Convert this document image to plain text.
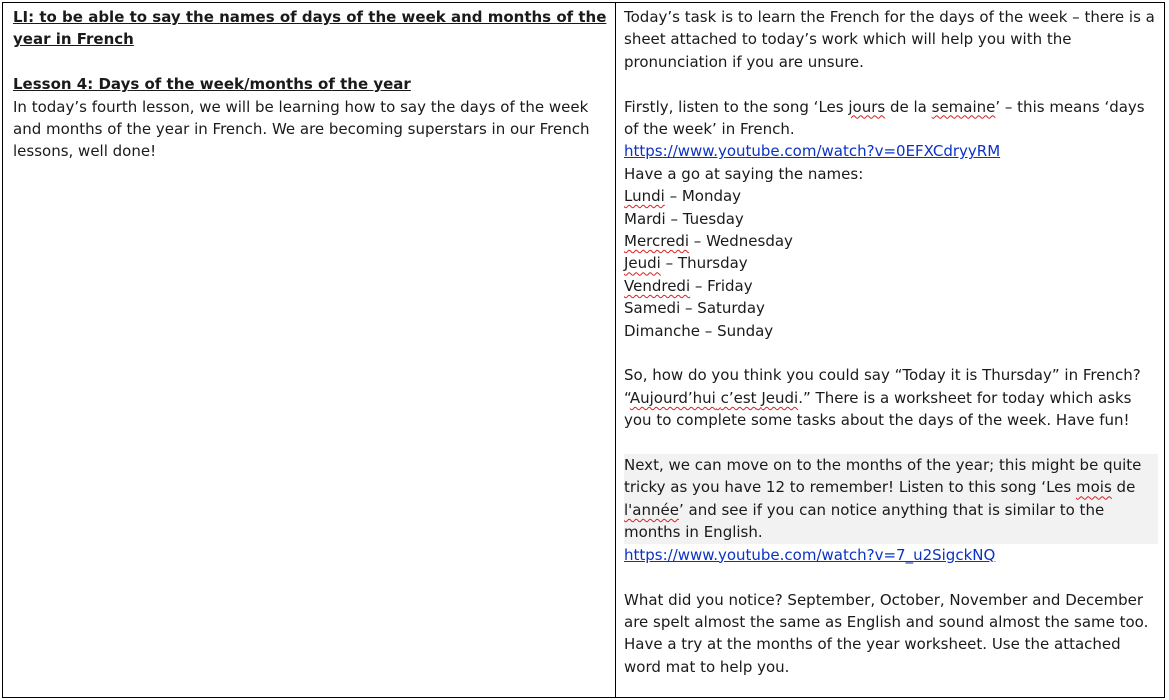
LI: to be able to say the names of days of the week and months of the year in French

Lesson 4: Days of the week/months of the year

In today’s fourth lesson, we will be learning how to say the days of the week and months of the year in French. We are becoming superstars in our French lessons, well done!

Today’s task is to learn the French for the days of the week – there is a sheet attached to today’s work which will help you with the pronunciation if you are unsure.

Firstly, listen to the song ‘Les jours de la semaine’ – this means ‘days of the week’ in French.

https://www.youtube.com/watch?v=0EFXCdryyRM

Have a go at saying the names:

Lundi – Monday

Mardi – Tuesday

Mercredi – Wednesday

Jeudi – Thursday

Vendredi – Friday

Samedi – Saturday

Dimanche – Sunday

So, how do you think you could say “Today it is Thursday” in French?

“Aujourd’hui c’est Jeudi.” There is a worksheet for today which asks you to complete some tasks about the days of the week. Have fun!

Next, we can move on to the months of the year; this might be quite tricky as you have 12 to remember! Listen to this song ‘Les mois de l'année’ and see if you can notice anything that is similar to the months in English.

https://www.youtube.com/watch?v=7_u2SigckNQ

What did you notice? September, October, November and December are spelt almost the same as English and sound almost the same too. Have a try at the months of the year worksheet. Use the attached word mat to help you.
